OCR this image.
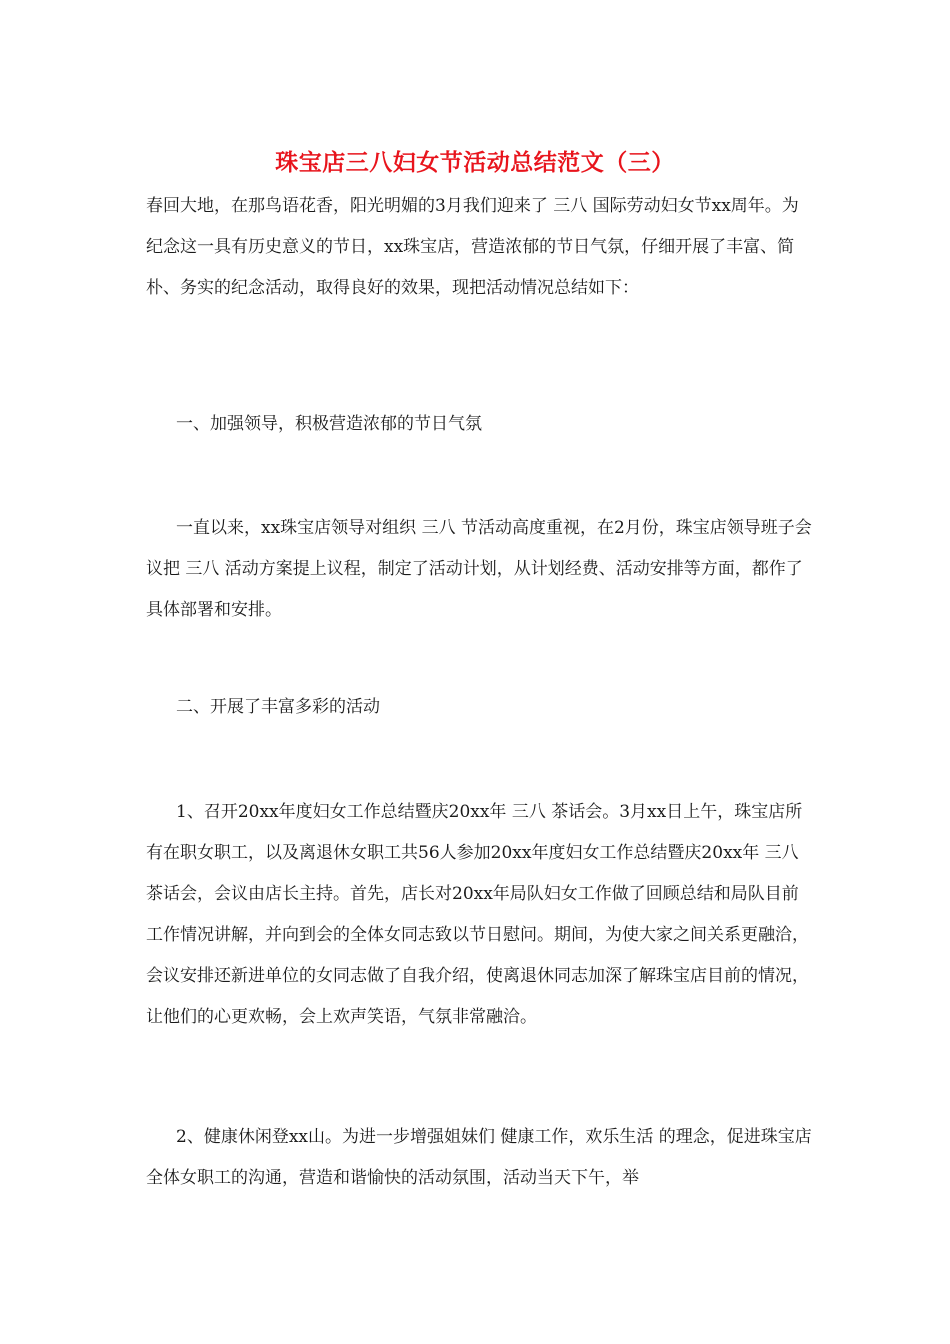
珠宝店三八妇女节活动总结范文（三）

春回大地，在那鸟语花香，阳光明媚的3月我们迎来了 三八 国际劳动妇女节xx周年。为纪念这一具有历史意义的节日，xx珠宝店，营造浓郁的节日气氛，仔细开展了丰富、简朴、务实的纪念活动，取得良好的效果，现把活动情况总结如下：

一、加强领导，积极营造浓郁的节日气氛

一直以来，xx珠宝店领导对组织 三八 节活动高度重视，在2月份，珠宝店领导班子会议把 三八 活动方案提上议程，制定了活动计划，从计划经费、活动安排等方面，都作了具体部署和安排。

二、开展了丰富多彩的活动

1、召开20xx年度妇女工作总结暨庆20xx年 三八 茶话会。3月xx日上午，珠宝店所有在职女职工，以及离退休女职工共56人参加20xx年度妇女工作总结暨庆20xx年 三八 茶话会，会议由店长主持。首先，店长对20xx年局队妇女工作做了回顾总结和局队目前工作情况讲解，并向到会的全体女同志致以节日慰问。期间，为使大家之间关系更融洽，会议安排还新进单位的女同志做了自我介绍，使离退休同志加深了解珠宝店目前的情况，让他们的心更欢畅，会上欢声笑语，气氛非常融洽。

2、健康休闲登xx山。为进一步增强姐妹们 健康工作，欢乐生活 的理念，促进珠宝店全体女职工的沟通，营造和谐愉快的活动氛围，活动当天下午，举
